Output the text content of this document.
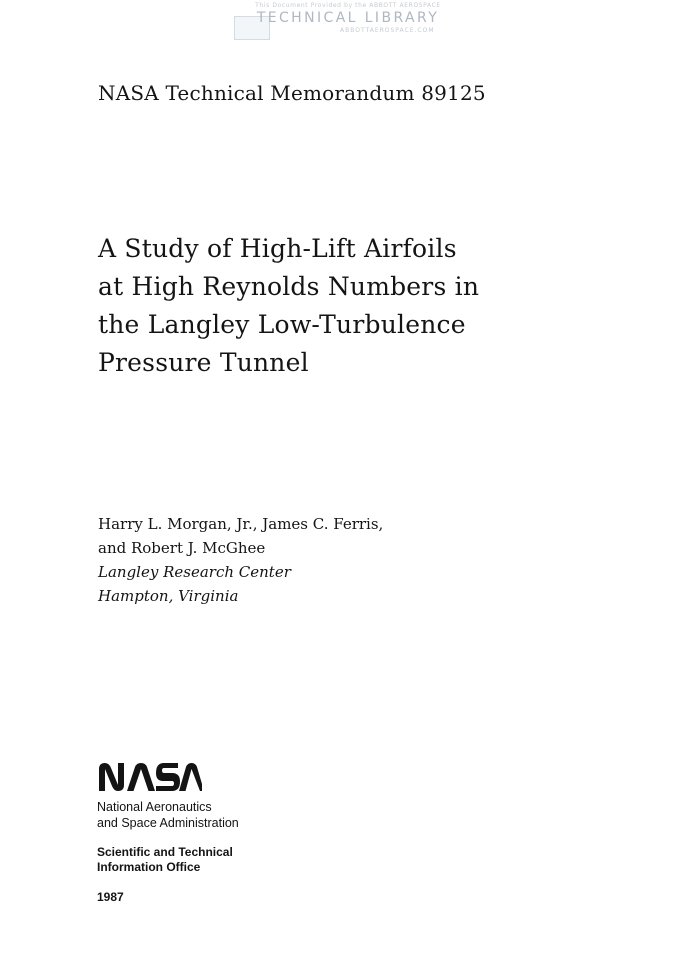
This Document Provided by the ABBOTT AEROSPACE
TECHNICAL LIBRARY
ABBOTTAEROSPACE.COM
NASA Technical Memorandum 89125
A Study of High-Lift Airfoils
at High Reynolds Numbers in
the Langley Low-Turbulence
Pressure Tunnel
Harry L. Morgan, Jr., James C. Ferris,
and Robert J. McGhee
Langley Research Center
Hampton, Virginia
National Aeronautics
and Space Administration
Scientific and Technical
Information Office
1987
